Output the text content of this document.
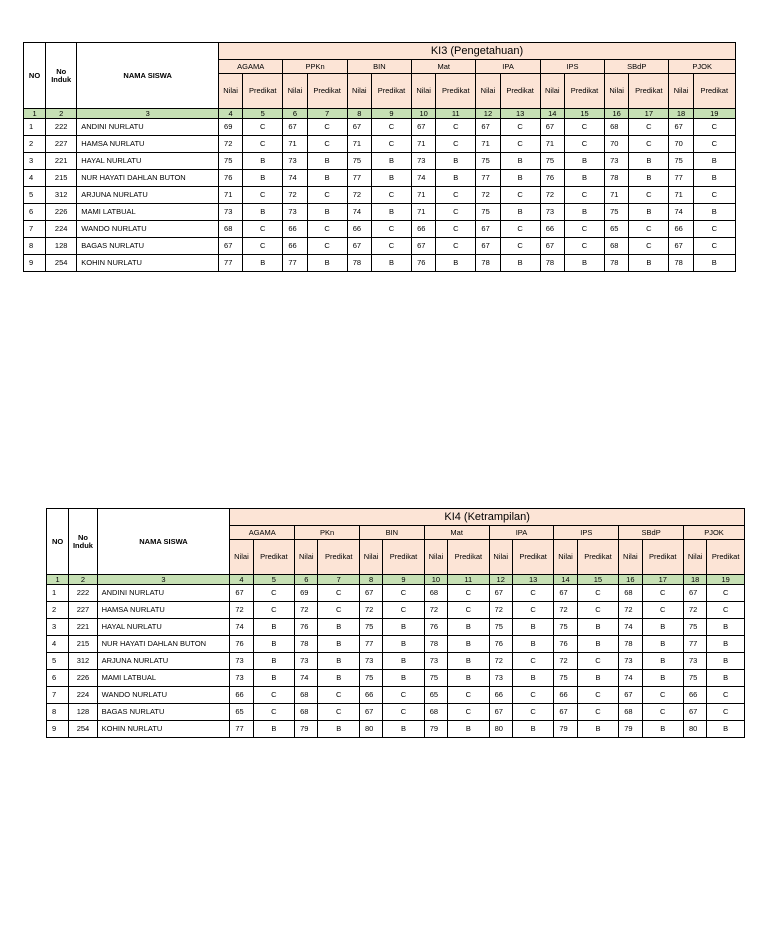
NO	No Induk	NAMA SISWA	KI3 (Pengetahuan)															
			AGAMA		PPKn		BIN		Mat		IPA		IPS		SBdP		PJOK	
			Nilai	Predikat	Nilai	Predikat	Nilai	Predikat	Nilai	Predikat	Nilai	Predikat	Nilai	Predikat	Nilai	Predikat	Nilai	Predikat
1	2	3	4	5	6	7	8	9	10	11	12	13	14	15	16	17	18	19
1	222	ANDINI NURLATU	69	C	67	C	67	C	67	C	67	C	67	C	68	C	67	C
2	227	HAMSA NURLATU	72	C	71	C	71	C	71	C	71	C	71	C	70	C	70	C
3	221	HAYAL NURLATU	75	B	73	B	75	B	73	B	75	B	75	B	73	B	75	B
4	215	NUR HAYATI DAHLAN BUTON	76	B	74	B	77	B	74	B	77	B	76	B	78	B	77	B
5	312	ARJUNA NURLATU	71	C	72	C	72	C	71	C	72	C	72	C	71	C	71	C
6	226	MAMI LATBUAL	73	B	73	B	74	B	71	C	75	B	73	B	75	B	74	B
7	224	WANDO NURLATU	68	C	66	C	66	C	66	C	67	C	66	C	65	C	66	C
8	128	BAGAS NURLATU	67	C	66	C	67	C	67	C	67	C	67	C	68	C	67	C
9	254	KOHIN NURLATU	77	B	77	B	78	B	76	B	78	B	78	B	78	B	78	B
NO	No Induk	NAMA SISWA	KI4 (Ketrampilan)															
			AGAMA		PKn		BIN		Mat		IPA		IPS		SBdP		PJOK	
			Nilai	Predikat	Nilai	Predikat	Nilai	Predikat	Nilai	Predikat	Nilai	Predikat	Nilai	Predikat	Nilai	Predikat	Nilai	Predikat
1	2	3	4	5	6	7	8	9	10	11	12	13	14	15	16	17	18	19
1	222	ANDINI NURLATU	67	C	69	C	67	C	68	C	67	C	67	C	68	C	67	C
2	227	HAMSA NURLATU	72	C	72	C	72	C	72	C	72	C	72	C	72	C	72	C
3	221	HAYAL NURLATU	74	B	76	B	75	B	76	B	75	B	75	B	74	B	75	B
4	215	NUR HAYATI DAHLAN BUTON	76	B	78	B	77	B	78	B	76	B	76	B	78	B	77	B
5	312	ARJUNA NURLATU	73	B	73	B	73	B	73	B	72	C	72	C	73	B	73	B
6	226	MAMI LATBUAL	73	B	74	B	75	B	75	B	73	B	75	B	74	B	75	B
7	224	WANDO NURLATU	66	C	68	C	66	C	65	C	66	C	66	C	67	C	66	C
8	128	BAGAS NURLATU	65	C	68	C	67	C	68	C	67	C	67	C	68	C	67	C
9	254	KOHIN NURLATU	77	B	79	B	80	B	79	B	80	B	79	B	79	B	80	B
